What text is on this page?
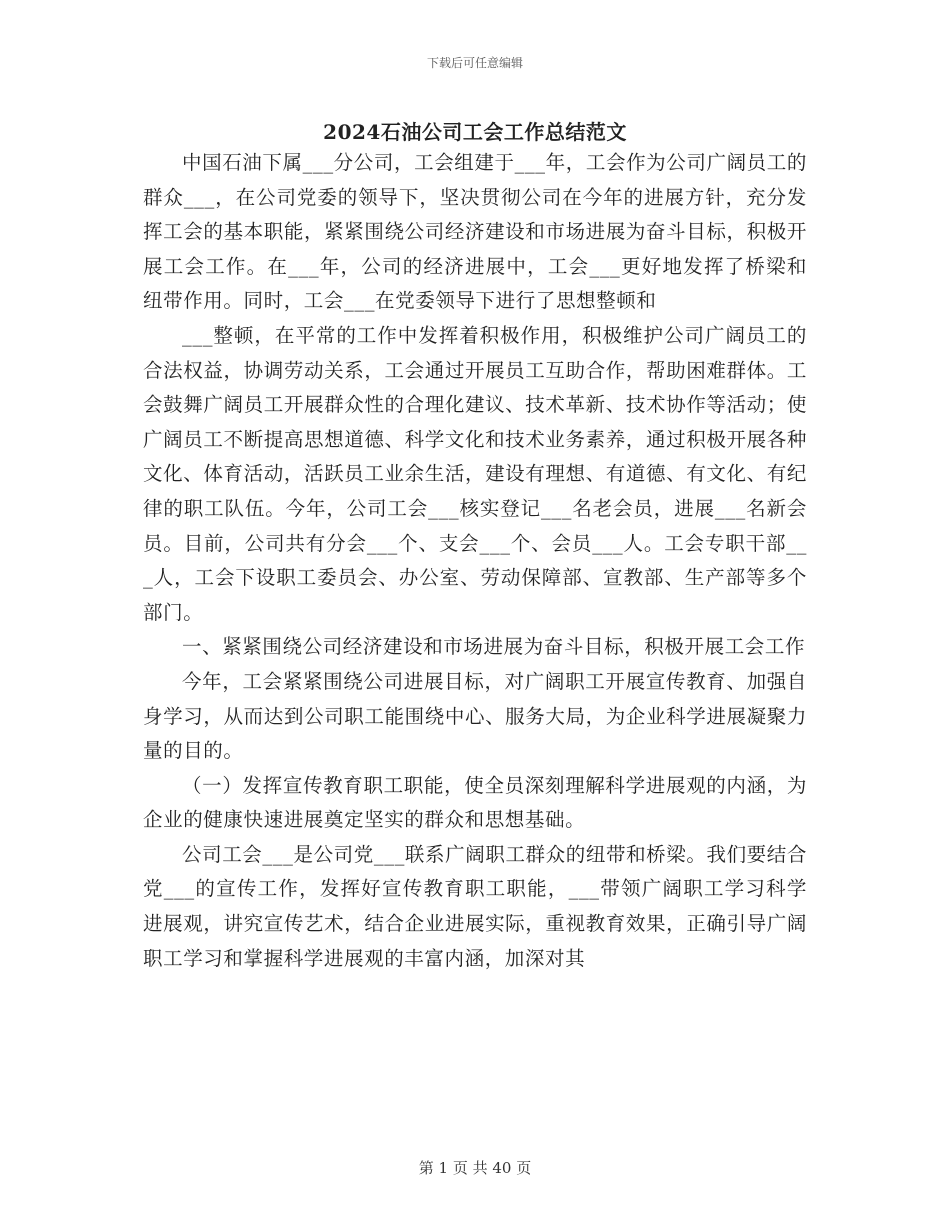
下载后可任意编辑
2024石油公司工会工作总结范文

中国石油下属___分公司，工会组建于___年，工会作为公司广阔员工的群众___，在公司党委的领导下，坚决贯彻公司在今年的进展方针，充分发挥工会的基本职能，紧紧围绕公司经济建设和市场进展为奋斗目标，积极开展工会工作。在___年，公司的经济进展中，工会___更好地发挥了桥梁和纽带作用。同时，工会___在党委领导下进行了思想整顿和

___整顿，在平常的工作中发挥着积极作用，积极维护公司广阔员工的合法权益，协调劳动关系，工会通过开展员工互助合作，帮助困难群体。工会鼓舞广阔员工开展群众性的合理化建议、技术革新、技术协作等活动；使广阔员工不断提高思想道德、科学文化和技术业务素养，通过积极开展各种文化、体育活动，活跃员工业余生活，建设有理想、有道德、有文化、有纪律的职工队伍。今年，公司工会___核实登记___名老会员，进展___名新会员。目前，公司共有分会___个、支会___个、会员___人。工会专职干部___人，工会下设职工委员会、办公室、劳动保障部、宣教部、生产部等多个部门。

一、紧紧围绕公司经济建设和市场进展为奋斗目标，积极开展工会工作

今年，工会紧紧围绕公司进展目标，对广阔职工开展宣传教育、加强自身学习，从而达到公司职工能围绕中心、服务大局，为企业科学进展凝聚力量的目的。

（一）发挥宣传教育职工职能，使全员深刻理解科学进展观的内涵，为企业的健康快速进展奠定坚实的群众和思想基础。

公司工会___是公司党___联系广阔职工群众的纽带和桥梁。我们要结合党___的宣传工作，发挥好宣传教育职工职能，___带领广阔职工学习科学进展观，讲究宣传艺术，结合企业进展实际，重视教育效果，正确引导广阔职工学习和掌握科学进展观的丰富内涵，加深对其

第 1 页 共 40 页
